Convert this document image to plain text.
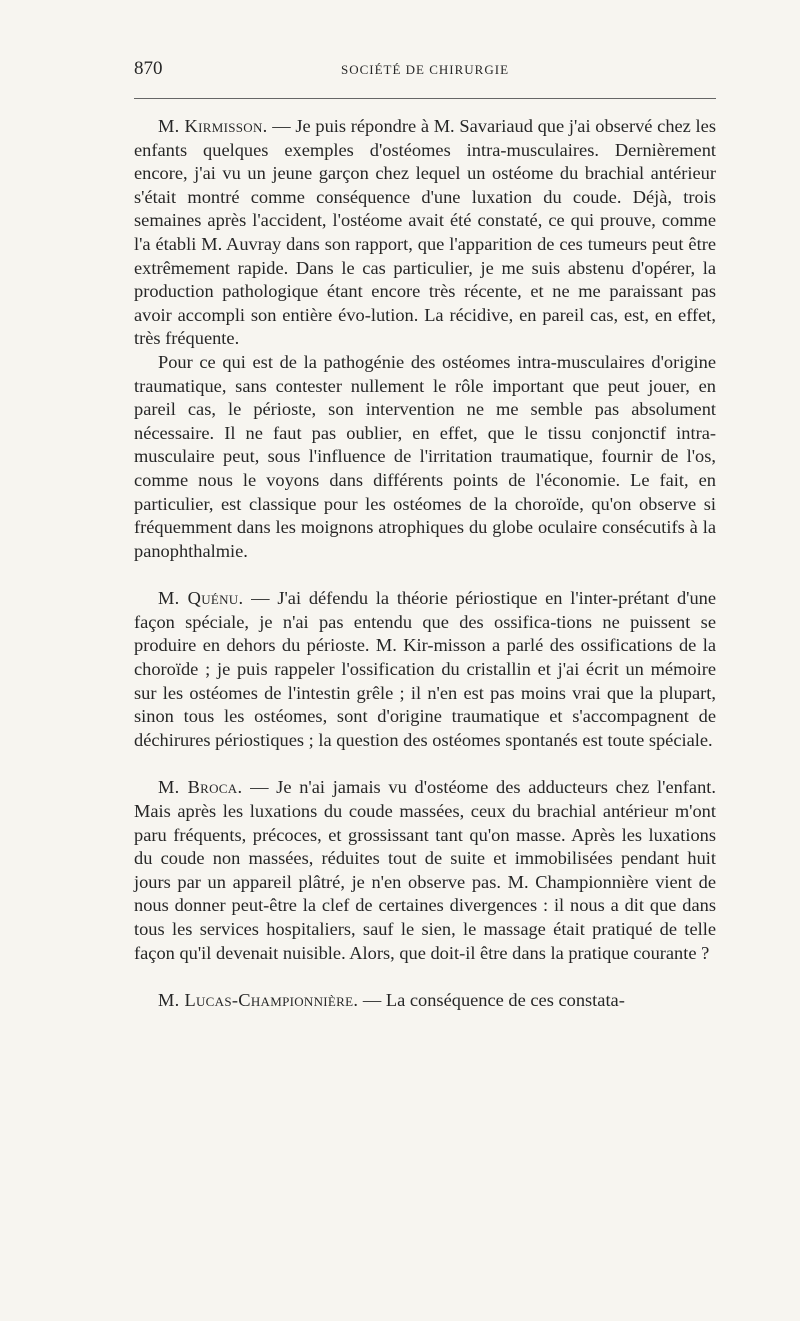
870	SOCIÉTÉ DE CHIRURGIE

M. Kirmisson. — Je puis répondre à M. Savariaud que j'ai observé chez les enfants quelques exemples d'ostéomes intra-musculaires. Dernièrement encore, j'ai vu un jeune garçon chez lequel un ostéome du brachial antérieur s'était montré comme conséquence d'une luxation du coude. Déjà, trois semaines après l'accident, l'ostéome avait été constaté, ce qui prouve, comme l'a établi M. Auvray dans son rapport, que l'apparition de ces tumeurs peut être extrêmement rapide. Dans le cas particulier, je me suis abstenu d'opérer, la production pathologique étant encore très récente, et ne me paraissant pas avoir accompli son entière évo-lution. La récidive, en pareil cas, est, en effet, très fréquente.

Pour ce qui est de la pathogénie des ostéomes intra-musculaires d'origine traumatique, sans contester nullement le rôle important que peut jouer, en pareil cas, le périoste, son intervention ne me semble pas absolument nécessaire. Il ne faut pas oublier, en effet, que le tissu conjonctif intra-musculaire peut, sous l'influence de l'irritation traumatique, fournir de l'os, comme nous le voyons dans différents points de l'économie. Le fait, en particulier, est classique pour les ostéomes de la choroïde, qu'on observe si fréquemment dans les moignons atrophiques du globe oculaire consécutifs à la panophthalmie.

M. Quénu. — J'ai défendu la théorie périostique en l'inter-prétant d'une façon spéciale, je n'ai pas entendu que des ossifica-tions ne puissent se produire en dehors du périoste. M. Kir-misson a parlé des ossifications de la choroïde ; je puis rappeler l'ossification du cristallin et j'ai écrit un mémoire sur les ostéomes de l'intestin grêle ; il n'en est pas moins vrai que la plupart, sinon tous les ostéomes, sont d'origine traumatique et s'accompagnent de déchirures périostiques ; la question des ostéomes spontanés est toute spéciale.

M. Broca. — Je n'ai jamais vu d'ostéome des adducteurs chez l'enfant. Mais après les luxations du coude massées, ceux du brachial antérieur m'ont paru fréquents, précoces, et grossissant tant qu'on masse. Après les luxations du coude non massées, réduites tout de suite et immobilisées pendant huit jours par un appareil plâtré, je n'en observe pas. M. Championnière vient de nous donner peut-être la clef de certaines divergences : il nous a dit que dans tous les services hospitaliers, sauf le sien, le massage était pratiqué de telle façon qu'il devenait nuisible. Alors, que doit-il être dans la pratique courante ?

M. Lucas-Championnière. — La conséquence de ces constata-
